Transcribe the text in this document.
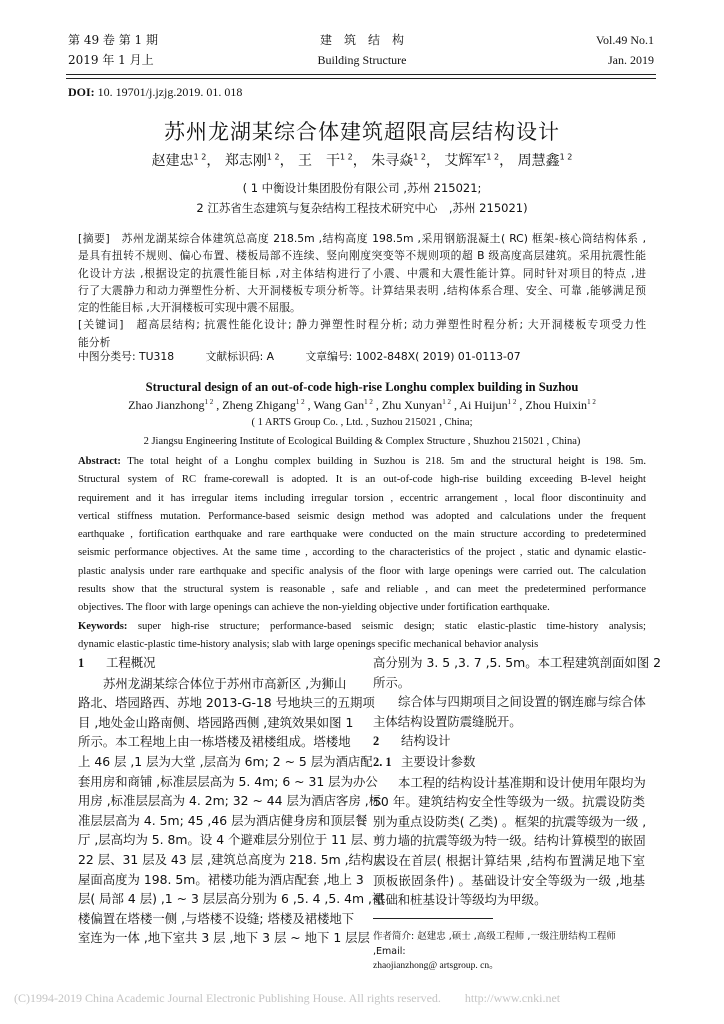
第 49 卷 第 1 期
2019 年 1 月上
建　筑　结　构
Building Structure
Vol.49 No.1
Jan. 2019
DOI: 10. 19701/j.jzjg.2019. 01. 018
苏州龙湖某综合体建筑超限高层结构设计
赵建忠$^{1 2}$， 郑志刚$^{1 2}$， 王　干$^{1 2}$， 朱寻焱$^{1 2}$， 艾辉军$^{1 2}$， 周慧鑫$^{1 2}$
( 1 中衡设计集团股份有限公司 ,苏州 215021;
2 江苏省生态建筑与复杂结构工程技术研究中心　,苏州 215021)
[摘要]　苏州龙湖某综合体建筑总高度 218.5m ,结构高度 198.5m ,采用钢筋混凝土( RC) 框架-核心筒结构体系 ,
是具有扭转不规则、偏心布置、楼板局部不连续、竖向刚度突变等不规则项的超 B 级高度高层建筑。采用抗震性能
化设计方法 ,根据设定的抗震性能目标 ,对主体结构进行了小震、中震和大震性能计算。同时针对项目的特点 ,进
行了大震静力和动力弹塑性分析、大开洞楼板专项分析等。计算结果表明 ,结构体系合理、安全、可靠 ,能够满足预
定的性能目标 ,大开洞楼板可实现中震不屈服。
[关键词]　超高层结构; 抗震性能化设计; 静力弹塑性时程分析; 动力弹塑性时程分析; 大开洞楼板专项受力性
能分析
中图分类号: TU318	文献标识码: A	文章编号: 1002-848X( 2019) 01-0113-07
Structural design of an out-of-code high-rise Longhu complex building in Suzhou
Zhao Jianzhong$^{1 2}$ , Zheng Zhigang$^{1 2}$ , Wang Gan$^{1 2}$ , Zhu Xunyan$^{1 2}$ , Ai Huijun$^{1 2}$ , Zhou Huixin$^{1 2}$
( 1 ARTS Group Co. , Ltd. , Suzhou 215021 , China;
2 Jiangsu Engineering Institute of Ecological Building & Complex Structure , Shuzhou 215021 , China)
Abstract: The total height of a Longhu complex building in Suzhou is 218. 5m and the structural height is 198. 5m.
Structural system of RC frame-corewall is adopted. It is an out-of-code high-rise building exceeding B-level height
requirement and it has irregular items including irregular torsion , eccentric arrangement , local floor discontinuity and
vertical stiffness mutation. Performance-based seismic design method was adopted and calculations under the frequent
earthquake , fortification earthquake and rare earthquake were conducted on the main structure according to predetermined
seismic performance objectives. At the same time , according to the characteristics of the project , static and dynamic elastic-
plastic analysis under rare earthquake and specific analysis of the floor with large openings were carried out. The calculation
results show that the structural system is reasonable , safe and reliable , and can meet the predetermined performance
objectives. The floor with large openings can achieve the non-yielding objective under fortification earthquake.
Keywords: super high-rise structure; performance-based seismic design; static elastic-plastic time-history analysis;
dynamic elastic-plastic time-history analysis; slab with large openings specific mechanical behavior analysis
1 工程概况
苏州龙湖某综合体位于苏州市高新区 ,为狮山
路北、塔园路西、苏地 2013-G-18 号地块三的五期项
目 ,地处金山路南侧、塔园路西侧 ,建筑效果如图 1
所示。本工程地上由一栋塔楼及裙楼组成。塔楼地
上 46 层 ,1 层为大堂 ,层高为 6m; 2 ~ 5 层为酒店配
套用房和商铺 ,标准层层高为 5. 4m; 6 ~ 31 层为办公
用房 ,标准层层高为 4. 2m; 32 ~ 44 层为酒店客房 ,标
准层层高为 4. 5m; 45 ,46 层为酒店健身房和顶层餐
厅 ,层高均为 5. 8m。设 4 个避难层分别位于 11 层、
22 层、31 层及 43 层 ,建筑总高度为 218. 5m ,结构大
屋面高度为 198. 5m。裙楼功能为酒店配套 ,地上 3
层( 局部 4 层) ,1 ~ 3 层层高分别为 6 ,5. 4 ,5. 4m ,裙
楼偏置在塔楼一侧 ,与塔楼不设缝; 塔楼及裙楼地下
室连为一体 ,地下室共 3 层 ,地下 3 层 ~ 地下 1 层层
高分别为 3. 5 ,3. 7 ,5. 5m。本工程建筑剖面如图 2
所示。
综合体与四期项目之间设置的钢连廊与综合体
主体结构设置防震缝脱开。
2 结构设计
2. 1 主要设计参数
本工程的结构设计基准期和设计使用年限均为
50 年。建筑结构安全性等级为一级。抗震设防类
别为重点设防类( 乙类) 。框架的抗震等级为一级 ,
剪力墙的抗震等级为特一级。结构计算模型的嵌固
层设在首层( 根据计算结果 ,结构布置满足地下室
顶板嵌固条件) 。基础设计安全等级为一级 ,地基
基础和桩基设计等级均为甲级。
作者简介: 赵建忠 ,硕士 ,高级工程师 ,一级注册结构工程师 ,Email:
zhaojianzhong@ artsgroup. cn。
(C)1994-2019 China Academic Journal Electronic Publishing House. All rights reserved.　　http://www.cnki.net
